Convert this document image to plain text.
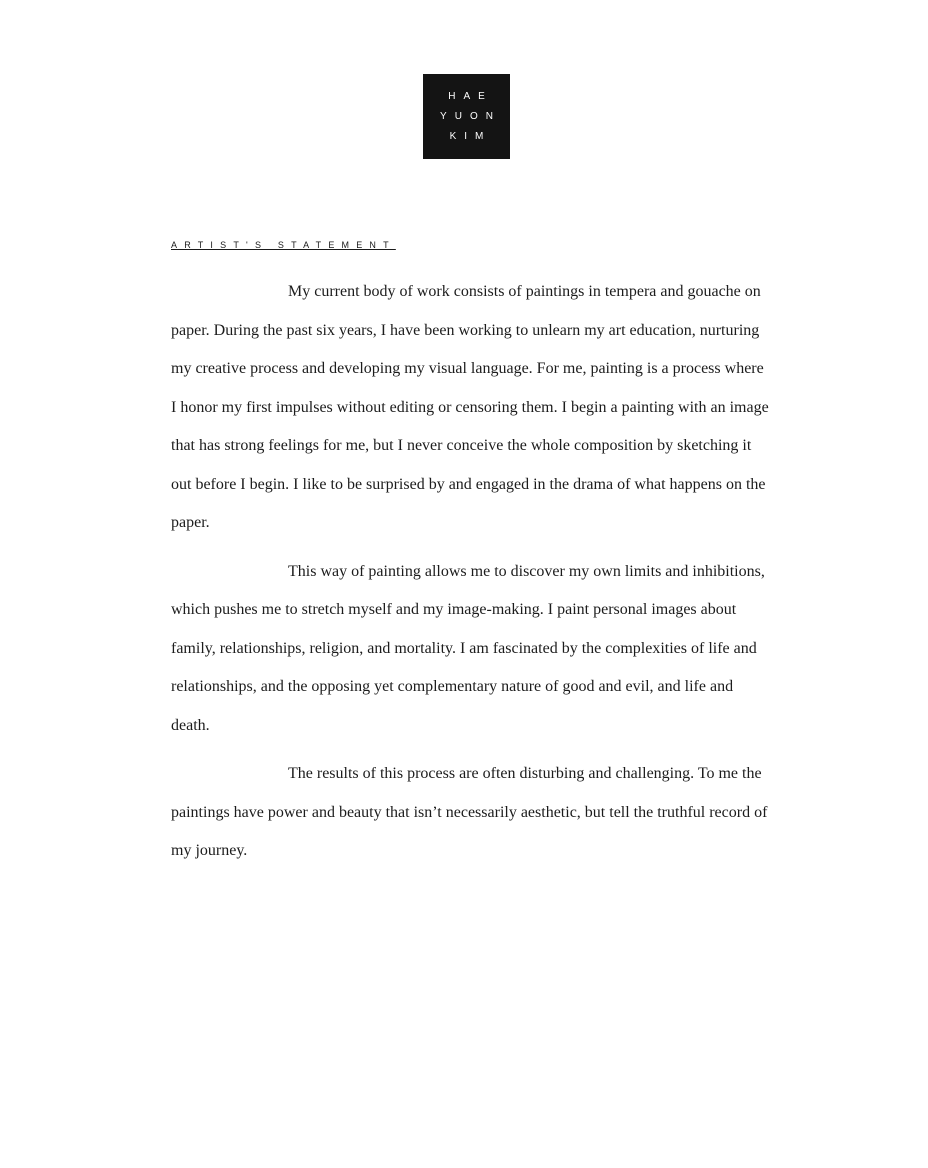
HAE
YUON
KIM
ARTIST'S STATEMENT

My current body of work consists of paintings in tempera and gouache on paper. During the past six years, I have been working to unlearn my art education, nurturing my creative process and developing my visual language. For me, painting is a process where I honor my first impulses without editing or censoring them. I begin a painting with an image that has strong feelings for me, but I never conceive the whole composition by sketching it out before I begin. I like to be surprised by and engaged in the drama of what happens on the paper.

This way of painting allows me to discover my own limits and inhibitions, which pushes me to stretch myself and my image-making. I paint personal images about family, relationships, religion, and mortality. I am fascinated by the complexities of life and relationships, and the opposing yet complementary nature of good and evil, and life and death.

The results of this process are often disturbing and challenging. To me the paintings have power and beauty that isn’t necessarily aesthetic, but tell the truthful record of my journey.
